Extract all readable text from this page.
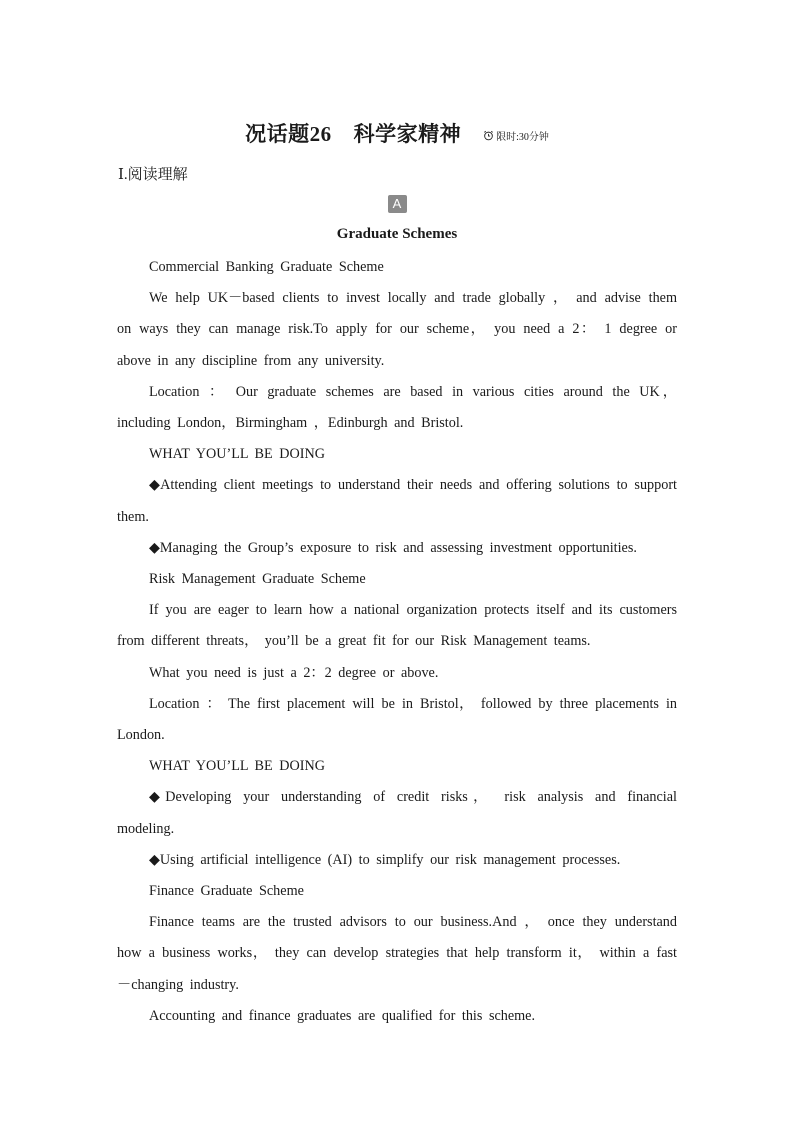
况话题26 科学家精神	限时:30分钟
Ⅰ.阅读理解
A
Graduate Schemes

Commercial Banking Graduate Scheme

We help UK－based clients to invest locally and trade globally ， and advise them on ways they can manage risk.To apply for our scheme， you need a 2： 1 degree or above in any discipline from any university.

Location ： Our graduate schemes are based in various cities around the UK， including London，Birmingham ，Edinburgh and Bristol.

WHAT YOU’LL BE DOING

◆Attending client meetings to understand their needs and offering solutions to support them.

◆Managing the Group’s exposure to risk and assessing investment opportunities.

Risk Management Graduate Scheme

If you are eager to learn how a national organization protects itself and its customers from different threats， you’ll be a great fit for our Risk Management teams.

What you need is just a 2：2 degree or above.

Location ： The first placement will be in Bristol， followed by three placements in London.

WHAT YOU’LL BE DOING

◆Developing your understanding of credit risks， risk analysis and financial modeling.

◆Using artificial intelligence (AI) to simplify our risk management processes.

Finance Graduate Scheme

Finance teams are the trusted advisors to our business.And ， once they understand how a business works， they can develop strategies that help transform it， within a fast－changing industry.

Accounting and finance graduates are qualified for this scheme.
